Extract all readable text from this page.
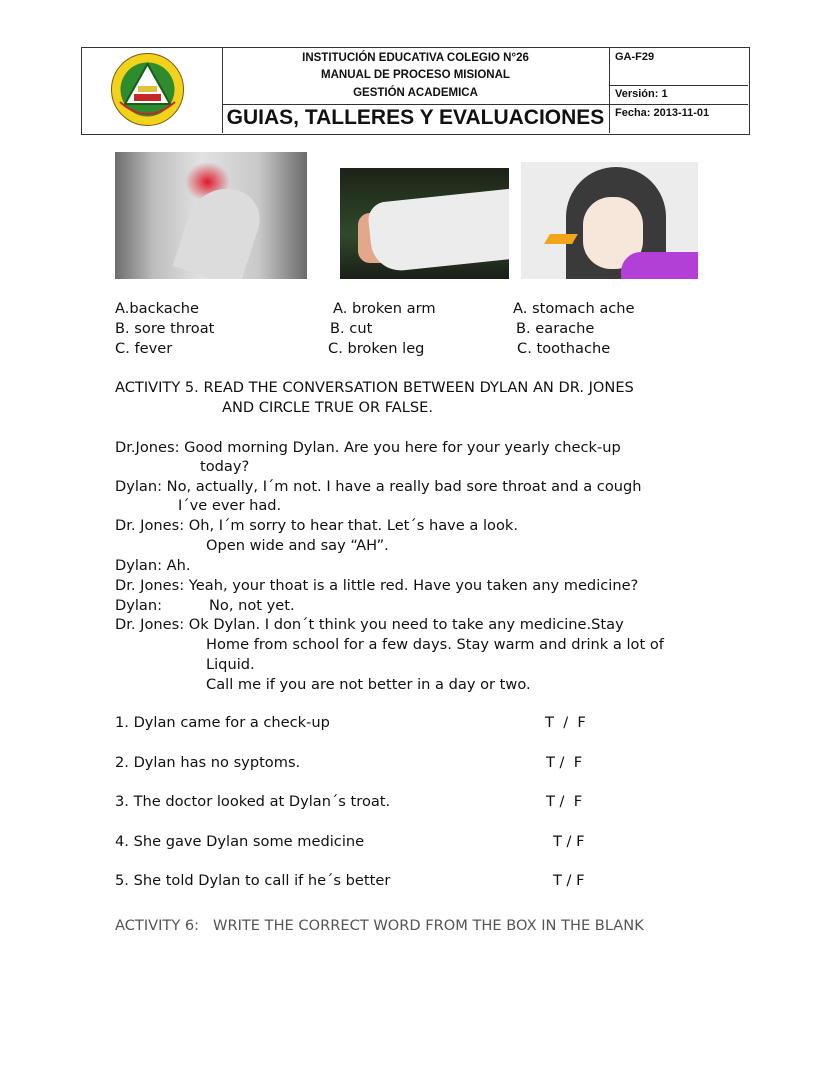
INSTITUCIÓN EDUCATIVA COLEGIO N°26
MANUAL DE PROCESO MISIONAL
GESTIÓN ACADEMICA
GUIAS, TALLERES Y EVALUACIONES
GA-F29
Versión: 1
Fecha: 2013-11-01
A.backache
B. sore throat
C. fever
A. broken arm
B. cut
C. broken leg
A. stomach ache
B. earache
C. toothache
ACTIVITY 5. READ THE CONVERSATION BETWEEN DYLAN AN DR. JONES
AND CIRCLE TRUE OR FALSE.
Dr.Jones: Good morning Dylan. Are you here for your yearly check-up
today?
Dylan: No, actually, I´m not. I have a really bad sore throat and a cough
I´ve ever had.
Dr. Jones: Oh, I´m sorry to hear that. Let´s have a look.
Open wide and say “AH”.
Dylan: Ah.
Dr. Jones: Yeah, your thoat is a little red. Have you taken any medicine?
Dylan:	No, not yet.
Dr. Jones: Ok Dylan. I don´t think you need to take any medicine.Stay
Home from school for a few days. Stay warm and drink a lot of
Liquid.
Call me if you are not better in a day or two.
1. Dylan came for a check-up	T  /  F
2. Dylan has no syptoms.	T /  F
3. The doctor looked at Dylan´s troat.	T /  F
4. She gave Dylan some medicine	T / F
5. She told Dylan to call if he´s better	T / F
ACTIVITY 6:   WRITE THE CORRECT WORD FROM THE BOX IN THE BLANK
